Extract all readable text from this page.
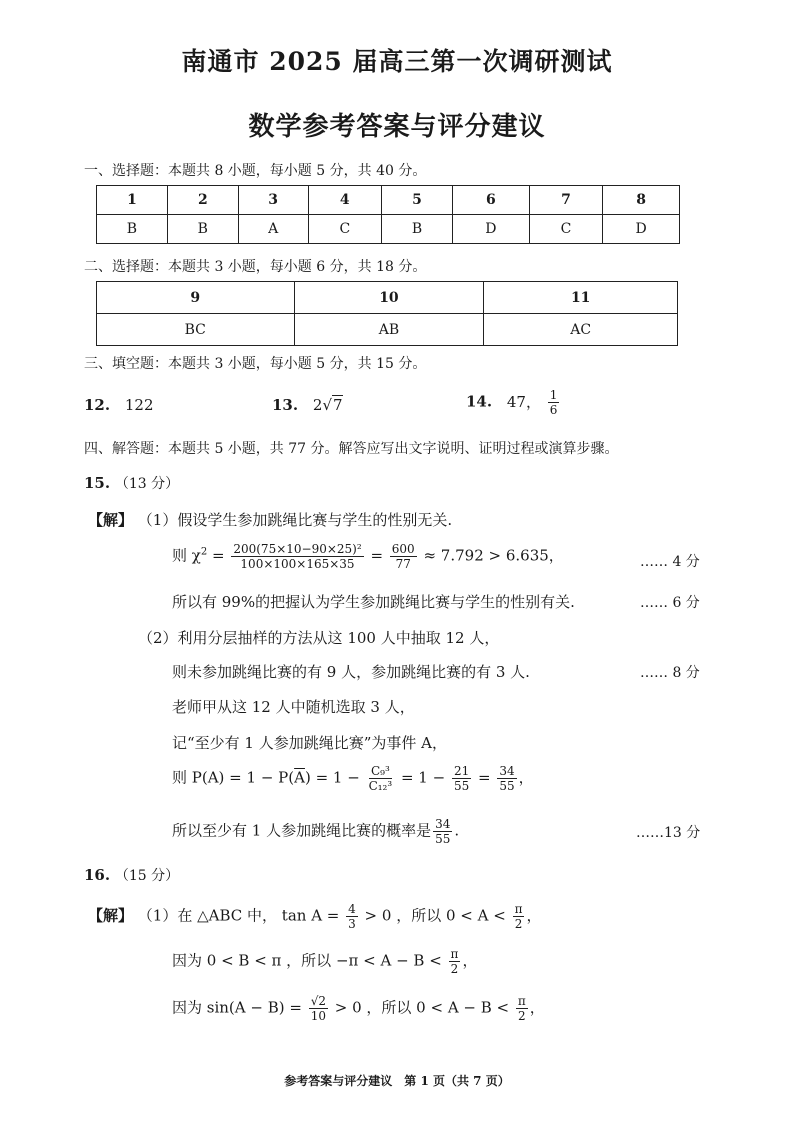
南通市 2025 届高三第一次调研测试
数学参考答案与评分建议
一、选择题：本题共 8 小题，每小题 5 分，共 40 分。
1	2	3	4	5	6	7	8
B	B	A	C	B	D	C	D
二、选择题：本题共 3 小题，每小题 6 分，共 18 分。
9	10	11
BC	AB	AC
三、填空题：本题共 3 小题，每小题 5 分，共 15 分。
12. 122	13. 2√7	14. 47， $\frac{1}{6}$
四、解答题：本题共 5 小题，共 77 分。解答应写出文字说明、证明过程或演算步骤。
15. （13 分）
【解】 （1）假设学生参加跳绳比赛与学生的性别无关.
则 $\chi^2 = \frac{\text{200(75×10−90×25)²}}{100\times 100\times 165\times 35} = \frac{600}{77} \approx 7.792 > 6.635$，	…… 4 分
所以有 99%的把握认为学生参加跳绳比赛与学生的性别有关.	…… 6 分
（2）利用分层抽样的方法从这 100 人中抽取 12 人，
则未参加跳绳比赛的有 9 人，参加跳绳比赛的有 3 人.	…… 8 分
老师甲从这 12 人中随机选取 3 人，
记“至少有 1 人参加跳绳比赛”为事件 A，
则 $P(A) = 1 - P(\overline{A}) = 1 - \frac{\text{C₉³}}{\text{C₁₂³}} = 1 - \frac{21}{55} = \frac{34}{55}$ ，
所以至少有 1 人参加跳绳比赛的概率是 $\frac{34}{55}$ .	……13 分
16. （15 分）
【解】 （1）在 △ABC 中， $\tan A = \frac{4}{3} > 0$ ，所以 $0 < A < \frac{\pi}{2}$ ，
因为 0 < B < π ，所以 $-\pi < A - B < \frac{\pi}{2}$ ，
因为 $\sin(A - B) = \frac{√2}{10} > 0$ ，所以 $0 < A - B < \frac{\pi}{2}$ ，
参考答案与评分建议　第 1 页（共 7 页）
